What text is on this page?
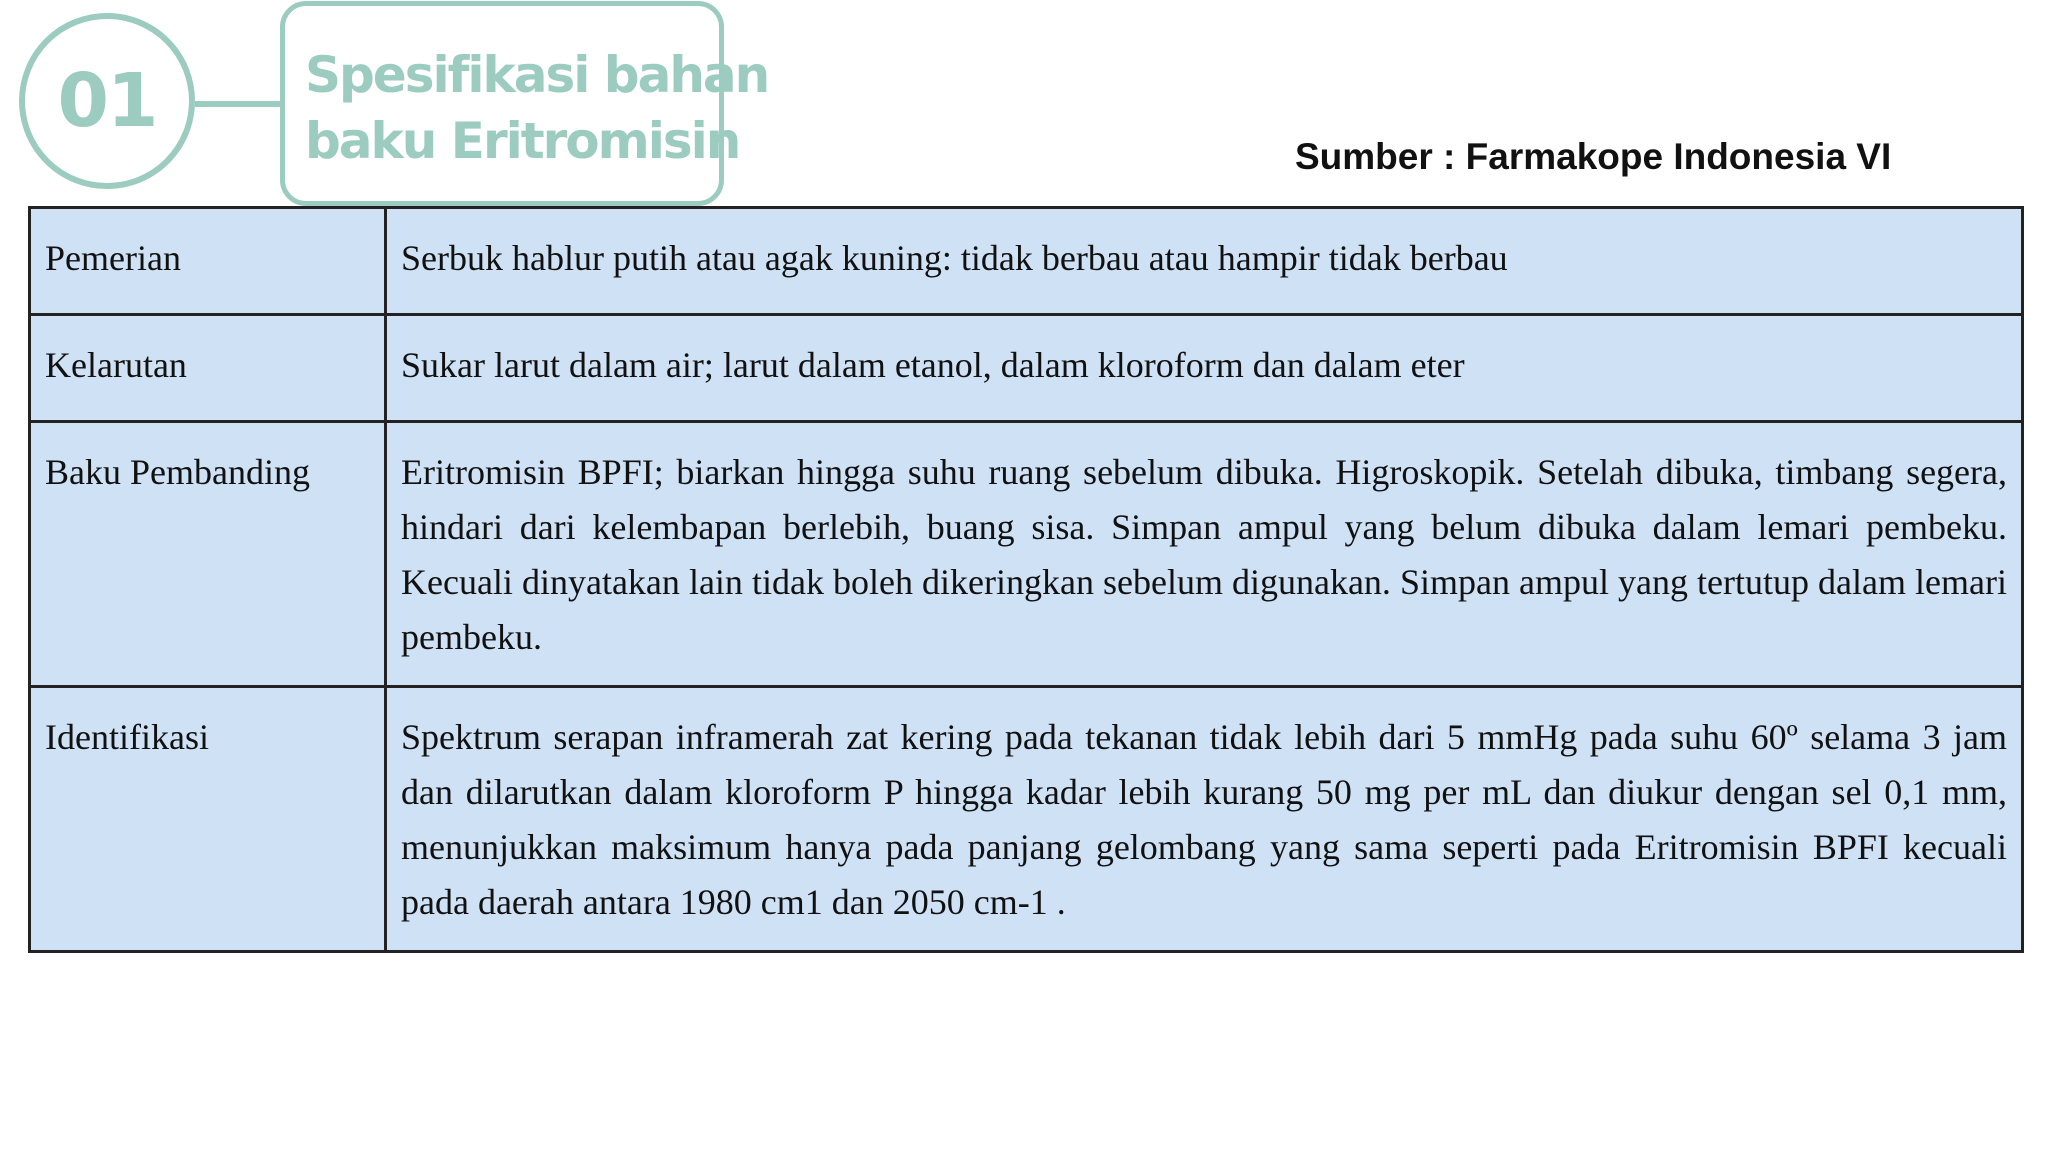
01	Spesifikasi bahan
baku Eritromisin	Sumber : Farmakope Indonesia VI
Pemerian	Serbuk hablur putih atau agak kuning: tidak berbau atau hampir tidak berbau
Kelarutan	Sukar larut dalam air; larut dalam etanol, dalam kloroform dan dalam eter
Baku Pembanding	Eritromisin BPFI; biarkan hingga suhu ruang sebelum dibuka. Higroskopik. Setelah dibuka, timbang segera, hindari dari kelembapan berlebih, buang sisa. Simpan ampul yang belum dibuka dalam lemari pembeku. Kecuali dinyatakan lain tidak boleh dikeringkan sebelum digunakan. Simpan ampul yang tertutup dalam lemari pembeku.
Identifikasi	Spektrum serapan inframerah zat kering pada tekanan tidak lebih dari 5 mmHg pada suhu 60º selama 3 jam dan dilarutkan dalam kloroform P hingga kadar lebih kurang 50 mg per mL dan diukur dengan sel 0,1 mm, menunjukkan maksimum hanya pada panjang gelombang yang sama seperti pada Eritromisin BPFI kecuali pada daerah antara 1980 cm1 dan 2050 cm-1 .
